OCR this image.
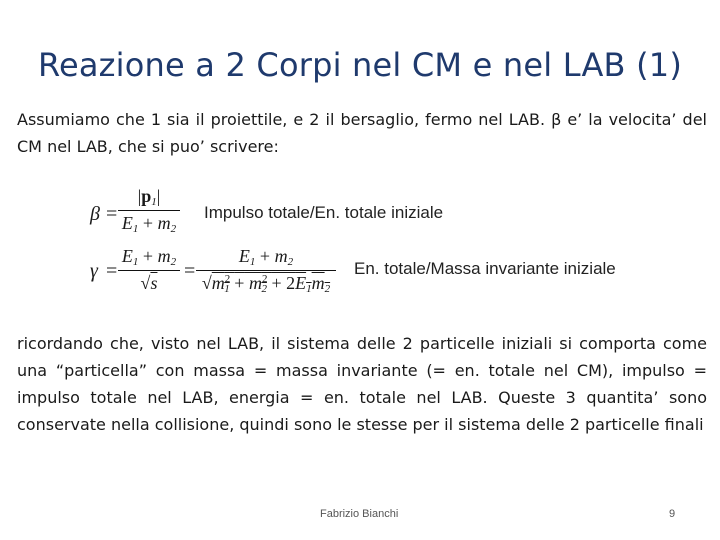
Reazione a 2 Corpi nel CM e nel LAB (1)
Assumiamo che 1 sia il proiettile, e 2 il bersaglio, fermo nel LAB. β e’ la velocita’ del CM nel LAB, che si puo’ scrivere:
β =
$|p_1|$
$E_1 + m_2$
Impulso totale/En. totale iniziale
γ =
$E_1 + m_2$
√s
=
$E_1 + m_2$
$√m^2_1 + m^2_2 + 2E_1m_2$
En. totale/Massa invariante iniziale
ricordando che, visto nel LAB, il sistema delle 2 particelle iniziali si comporta come una “particella” con massa = massa invariante (= en. totale nel CM), impulso = impulso totale nel LAB, energia = en. totale nel LAB. Queste 3 quantita’ sono conservate nella collisione, quindi sono le stesse per il sistema delle 2 particelle finali
Fabrizio Bianchi	9
